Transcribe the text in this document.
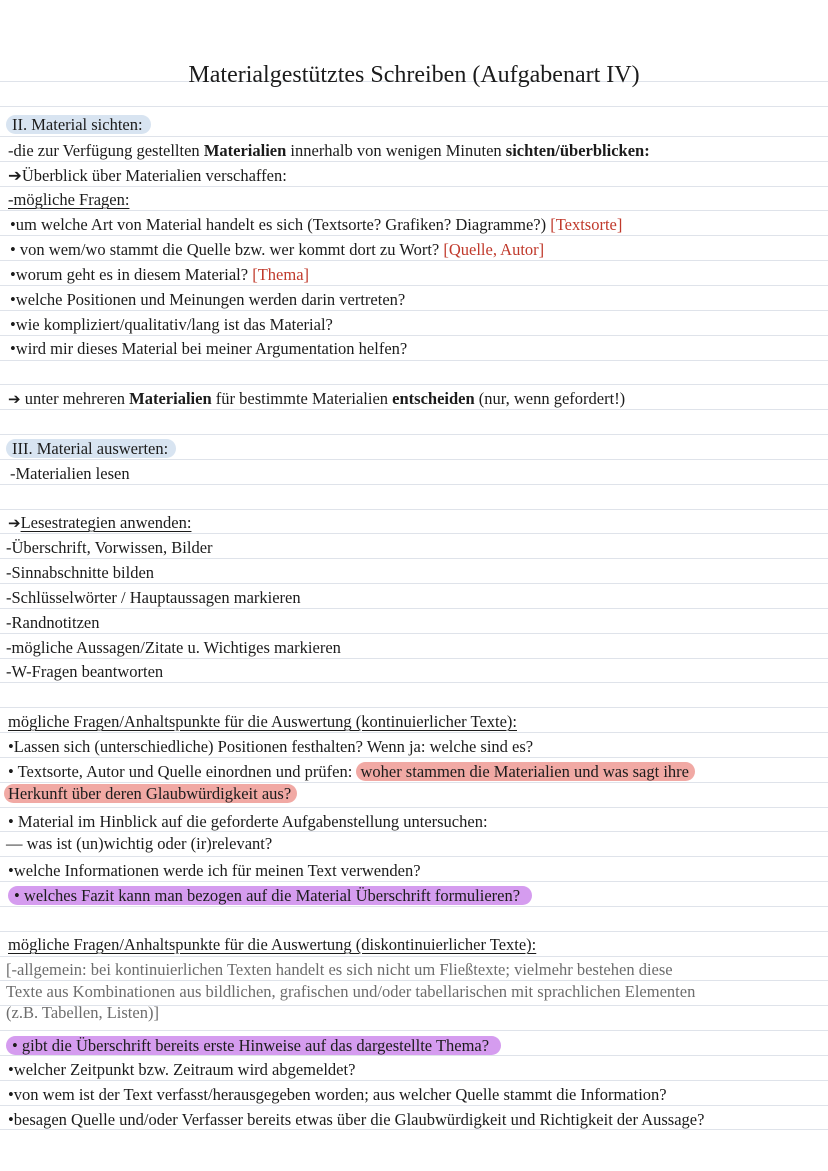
Materialgestütztes Schreiben (Aufgabenart IV)
II. Material sichten:
-die zur Verfügung gestellten Materialien innerhalb von wenigen Minuten sichten/überblicken:
➔Überblick über Materialien verschaffen:
-mögliche Fragen:
•um welche Art von Material handelt es sich (Textsorte? Grafiken? Diagramme?) [Textsorte]
• von wem/wo stammt die Quelle bzw. wer kommt dort zu Wort? [Quelle, Autor]
•worum geht es in diesem Material? [Thema]
•welche Positionen und Meinungen werden darin vertreten?
•wie kompliziert/qualitativ/lang ist das Material?
•wird mir dieses Material bei meiner Argumentation helfen?
➔ unter mehreren Materialien für bestimmte Materialien entscheiden (nur, wenn gefordert!)
III. Material auswerten:
-Materialien lesen
➔Lesestrategien anwenden:
-Überschrift, Vorwissen, Bilder
-Sinnabschnitte bilden
-Schlüsselwörter / Hauptaussagen markieren
-Randnotitzen
-mögliche Aussagen/Zitate u. Wichtiges markieren
-W-Fragen beantworten
mögliche Fragen/Anhaltspunkte für die Auswertung (kontinuierlicher Texte):
•Lassen sich (unterschiedliche) Positionen festhalten? Wenn ja: welche sind es?
• Textsorte, Autor und Quelle einordnen und prüfen: woher stammen die Materialien und was sagt ihre
Herkunft über deren Glaubwürdigkeit aus?
• Material im Hinblick auf die geforderte Aufgabenstellung untersuchen:
— was ist (un)wichtig oder (ir)relevant?
•welche Informationen werde ich für meinen Text verwenden?
• welches Fazit kann man bezogen auf die Material Überschrift formulieren?
mögliche Fragen/Anhaltspunkte für die Auswertung (diskontinuierlicher Texte):
[-allgemein: bei kontinuierlichen Texten handelt es sich nicht um Fließtexte; vielmehr bestehen diese
Texte aus Kombinationen aus bildlichen, grafischen und/oder tabellarischen mit sprachlichen Elementen
(z.B. Tabellen, Listen)]
• gibt die Überschrift bereits erste Hinweise auf das dargestellte Thema?
•welcher Zeitpunkt bzw. Zeitraum wird abgemeldet?
•von wem ist der Text verfasst/herausgegeben worden; aus welcher Quelle stammt die Information?
•besagen Quelle und/oder Verfasser bereits etwas über die Glaubwürdigkeit und Richtigkeit der Aussage?
